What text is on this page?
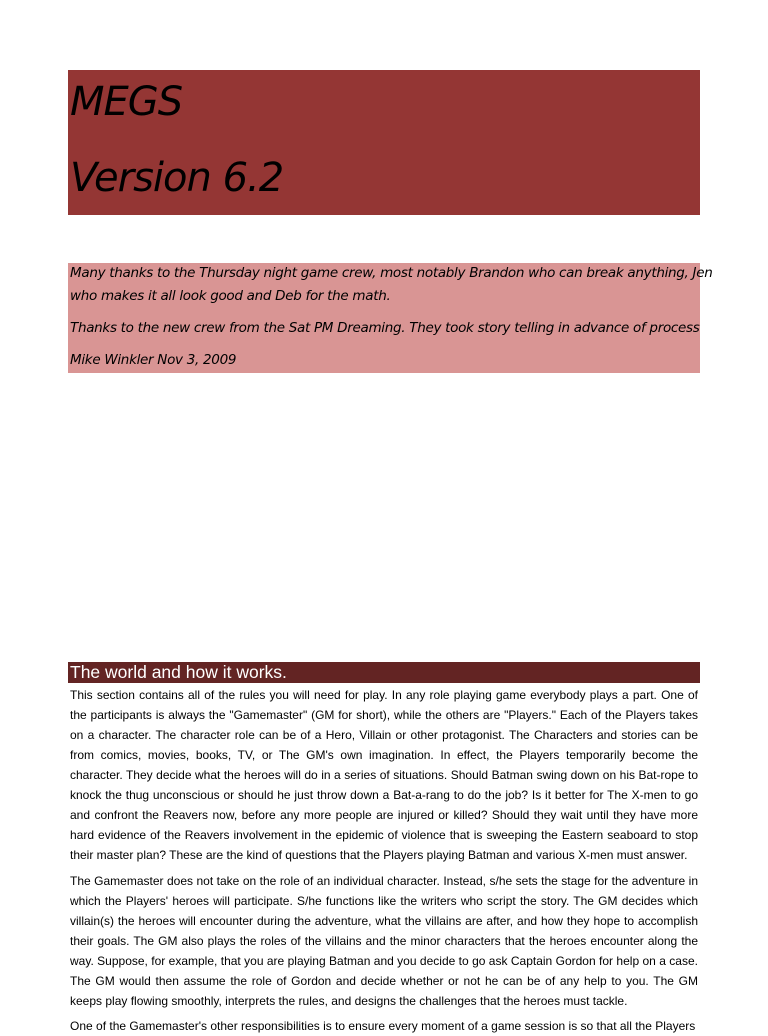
MEGS
Version 6.2

Many thanks to the Thursday night game crew, most notably Brandon who can break anything, Jen

who makes it all look good and Deb for the math.

Thanks to the new crew from the Sat PM Dreaming. They took story telling in advance of process

Mike Winkler Nov 3, 2009

The world and how it works.

This section contains all of the rules you will need for play. In any role playing game everybody plays a part. One of the participants is always the "Gamemaster" (GM for short), while the others are "Players." Each of the Players takes on a character. The character role can be of a Hero, Villain or other protagonist. The Characters and stories can be from comics, movies, books, TV, or The GM's own imagination. In effect, the Players temporarily become the character. They decide what the heroes will do in a series of situations. Should Batman swing down on his Bat-rope to knock the thug unconscious or should he just throw down a Bat-a-rang to do the job? Is it better for The X-men to go and confront the Reavers now, before any more people are injured or killed? Should they wait until they have more hard evidence of the Reavers involvement in the epidemic of violence that is sweeping the Eastern seaboard to stop their master plan? These are the kind of questions that the Players playing Batman and various X-men must answer.

The Gamemaster does not take on the role of an individual character. Instead, s/he sets the stage for the adventure in which the Players' heroes will participate. S/he functions like the writers who script the story. The GM decides which villain(s) the heroes will encounter during the adventure, what the villains are after, and how they hope to accomplish their goals. The GM also plays the roles of the villains and the minor characters that the heroes encounter along the way. Suppose, for example, that you are playing Batman and you decide to go ask Captain Gordon for help on a case. The GM would then assume the role of Gordon and decide whether or not he can be of any help to you. The GM keeps play flowing smoothly, interprets the rules, and designs the challenges that the heroes must tackle.

One of the Gamemaster's other responsibilities is to ensure every moment of a game session is so that all the Players
